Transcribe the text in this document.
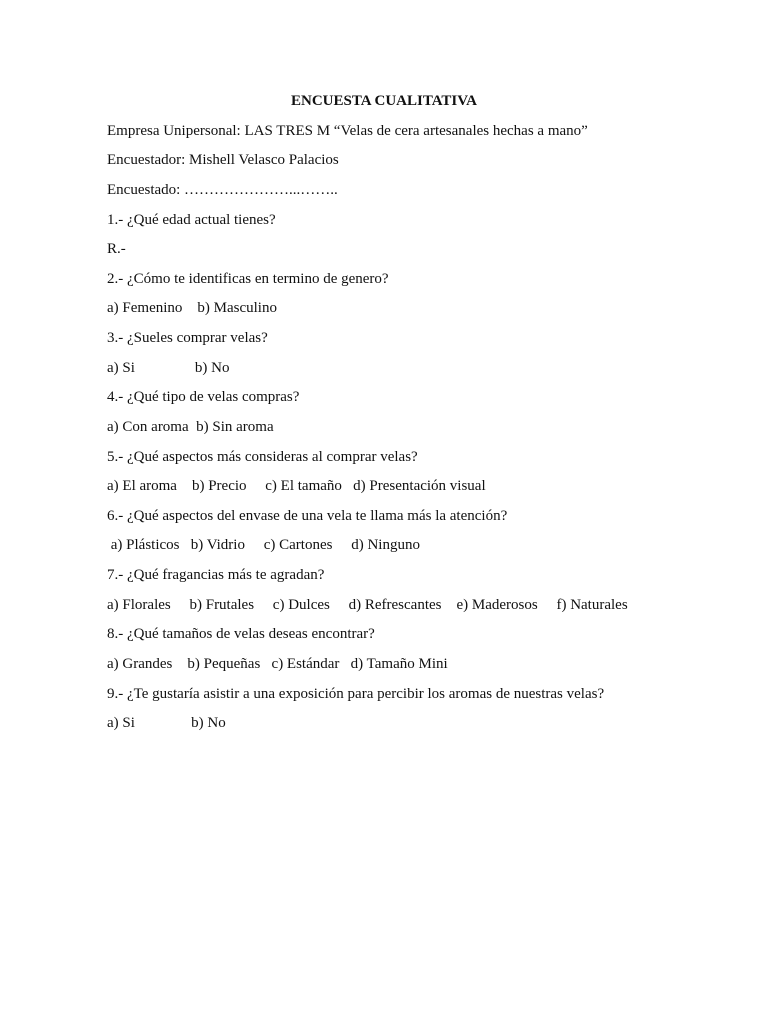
ENCUESTA CUALITATIVA
Empresa Unipersonal: LAS TRES M “Velas de cera artesanales hechas a mano”
Encuestador: Mishell Velasco Palacios
Encuestado: …………………...……..
1.- ¿Qué edad actual tienes?
R.-
2.- ¿Cómo te identificas en termino de genero?
a) Femenino    b) Masculino
3.- ¿Sueles comprar velas?
a) Si                b) No
4.- ¿Qué tipo de velas compras?
a) Con aroma  b) Sin aroma
5.- ¿Qué aspectos más consideras al comprar velas?
a) El aroma    b) Precio     c) El tamaño   d) Presentación visual
6.- ¿Qué aspectos del envase de una vela te llama más la atención?
a) Plásticos   b) Vidrio     c) Cartones     d) Ninguno
7.- ¿Qué fragancias más te agradan?
a) Florales     b) Frutales     c) Dulces     d) Refrescantes    e) Maderosos     f) Naturales
8.- ¿Qué tamaños de velas deseas encontrar?
a) Grandes    b) Pequeñas   c) Estándar   d) Tamaño Mini
9.- ¿Te gustaría asistir a una exposición para percibir los aromas de nuestras velas?
a) Si               b) No
